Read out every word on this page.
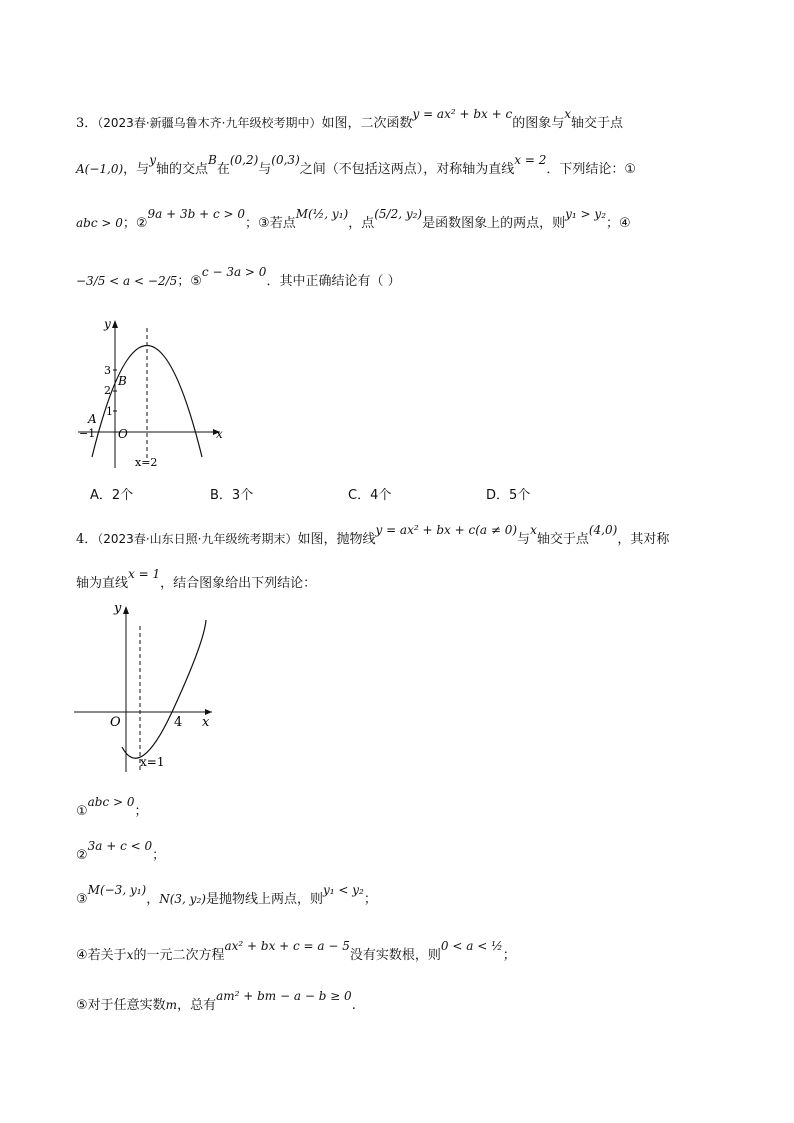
3．（2023春·新疆乌鲁木齐·九年级校考期中）如图，二次函数y = ax² + bx + c的图象与x轴交于点
A(−1,0)，与y轴的交点B在(0,2)与(0,3)之间（不包括这两点），对称轴为直线x = 2．下列结论：①
abc > 0；②9a + 3b + c > 0；③若点M(½, y₁)，点(5/2, y₂)是函数图象上的两点，则y₁ > y₂；④
−3/5 < a < −2/5；⑤c − 3a > 0．其中正确结论有（ ）
y
x
O
3
2
1
−1
A
B
x=2
A．2个	B．3个	C．4个	D．5个
4．（2023春·山东日照·九年级统考期末）如图，抛物线y = ax² + bx + c(a ≠ 0)与x轴交于点(4,0)，其对称
轴为直线x = 1，结合图象给出下列结论：
y
x
O	4
x=1
①abc > 0；
②3a + c < 0；
③M(−3, y₁)，N(3, y₂)是抛物线上两点，则y₁ < y₂；
④若关于x的一元二次方程ax² + bx + c = a − 5没有实数根，则0 < a < ½；
⑤对于任意实数m，总有am² + bm − a − b ≥ 0.
